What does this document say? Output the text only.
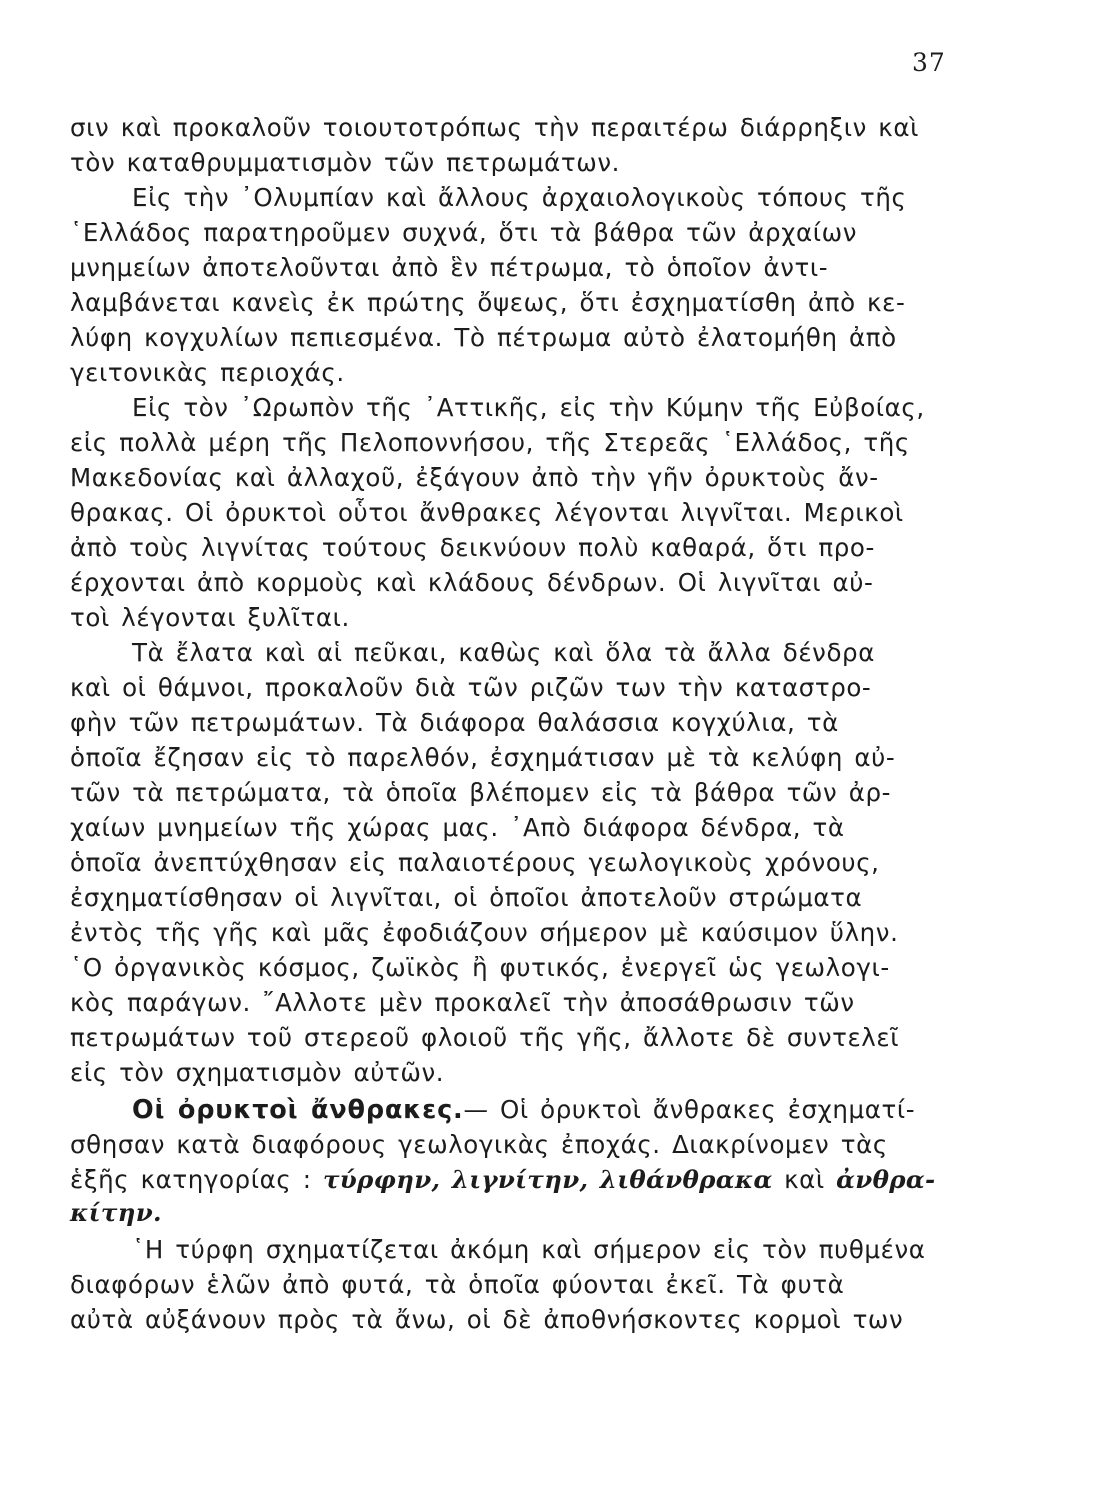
37
σιν καὶ προκαλοῦν τοιουτοτρόπως τὴν περαιτέρω διάρρηξιν καὶ
τὸν καταθρυμματισμὸν τῶν πετρωμάτων.
Εἰς τὴν ᾿Ολυμπίαν καὶ ἄλλους ἀρχαιολογικοὺς τόπους τῆς
῾Ελλάδος παρατηροῦμεν συχνά, ὅτι τὰ βάθρα τῶν ἀρχαίων
μνημείων ἀποτελοῦνται ἀπὸ ἓν πέτρωμα, τὸ ὁποῖον ἀντι-
λαμβάνεται κανεὶς ἐκ πρώτης ὄψεως, ὅτι ἐσχηματίσθη ἀπὸ κε-
λύφη κογχυλίων πεπιεσμένα. Τὸ πέτρωμα αὐτὸ ἐλατομήθη ἀπὸ
γειτονικὰς περιοχάς.
Εἰς τὸν ᾿Ωρωπὸν τῆς ᾿Αττικῆς, εἰς τὴν Κύμην τῆς Εὐβοίας,
εἰς πολλὰ μέρη τῆς Πελοποννήσου, τῆς Στερεᾶς ῾Ελλάδος, τῆς
Μακεδονίας καὶ ἀλλαχοῦ, ἐξάγουν ἀπὸ τὴν γῆν ὀρυκτοὺς ἄν-
θρακας. Οἱ ὀρυκτοὶ οὗτοι ἄνθρακες λέγονται λιγνῖται. Μερικοὶ
ἀπὸ τοὺς λιγνίτας τούτους δεικνύουν πολὺ καθαρά, ὅτι προ-
έρχονται ἀπὸ κορμοὺς καὶ κλάδους δένδρων. Οἱ λιγνῖται αὐ-
τοὶ λέγονται ξυλῖται.
Τὰ ἔλατα καὶ αἱ πεῦκαι, καθὼς καὶ ὅλα τὰ ἄλλα δένδρα
καὶ οἱ θάμνοι, προκαλοῦν διὰ τῶν ριζῶν των τὴν καταστρο-
φὴν τῶν πετρωμάτων. Τὰ διάφορα θαλάσσια κογχύλια, τὰ
ὁποῖα ἔζησαν εἰς τὸ παρελθόν, ἐσχημάτισαν μὲ τὰ κελύφη αὐ-
τῶν τὰ πετρώματα, τὰ ὁποῖα βλέπομεν εἰς τὰ βάθρα τῶν ἀρ-
χαίων μνημείων τῆς χώρας μας. ᾿Απὸ διάφορα δένδρα, τὰ
ὁποῖα ἀνεπτύχθησαν εἰς παλαιοτέρους γεωλογικοὺς χρόνους,
ἐσχηματίσθησαν οἱ λιγνῖται, οἱ ὁποῖοι ἀποτελοῦν στρώματα
ἐντὸς τῆς γῆς καὶ μᾶς ἐφοδιάζουν σήμερον μὲ καύσιμον ὕλην.
῾Ο ὀργανικὸς κόσμος, ζωϊκὸς ἢ φυτικός, ἐνεργεῖ ὡς γεωλογι-
κὸς παράγων. ῎Αλλοτε μὲν προκαλεῖ τὴν ἀποσάθρωσιν τῶν
πετρωμάτων τοῦ στερεοῦ φλοιοῦ τῆς γῆς, ἄλλοτε δὲ συντελεῖ
εἰς τὸν σχηματισμὸν αὐτῶν.
Οἱ ὀρυκτοὶ ἄνθρακες.— Οἱ ὀρυκτοὶ ἄνθρακες ἐσχηματί-
σθησαν κατὰ διαφόρους γεωλογικὰς ἐποχάς. Διακρίνομεν τὰς
ἑξῆς κατηγορίας : τύρφην, λιγνίτην, λιθάνθρακα καὶ ἀνθρα-
κίτην.
῾Η τύρφη σχηματίζεται ἀκόμη καὶ σήμερον εἰς τὸν πυθμένα
διαφόρων ἑλῶν ἀπὸ φυτά, τὰ ὁποῖα φύονται ἐκεῖ. Τὰ φυτὰ
αὐτὰ αὐξάνουν πρὸς τὰ ἄνω, οἱ δὲ ἀποθνήσκοντες κορμοὶ των
